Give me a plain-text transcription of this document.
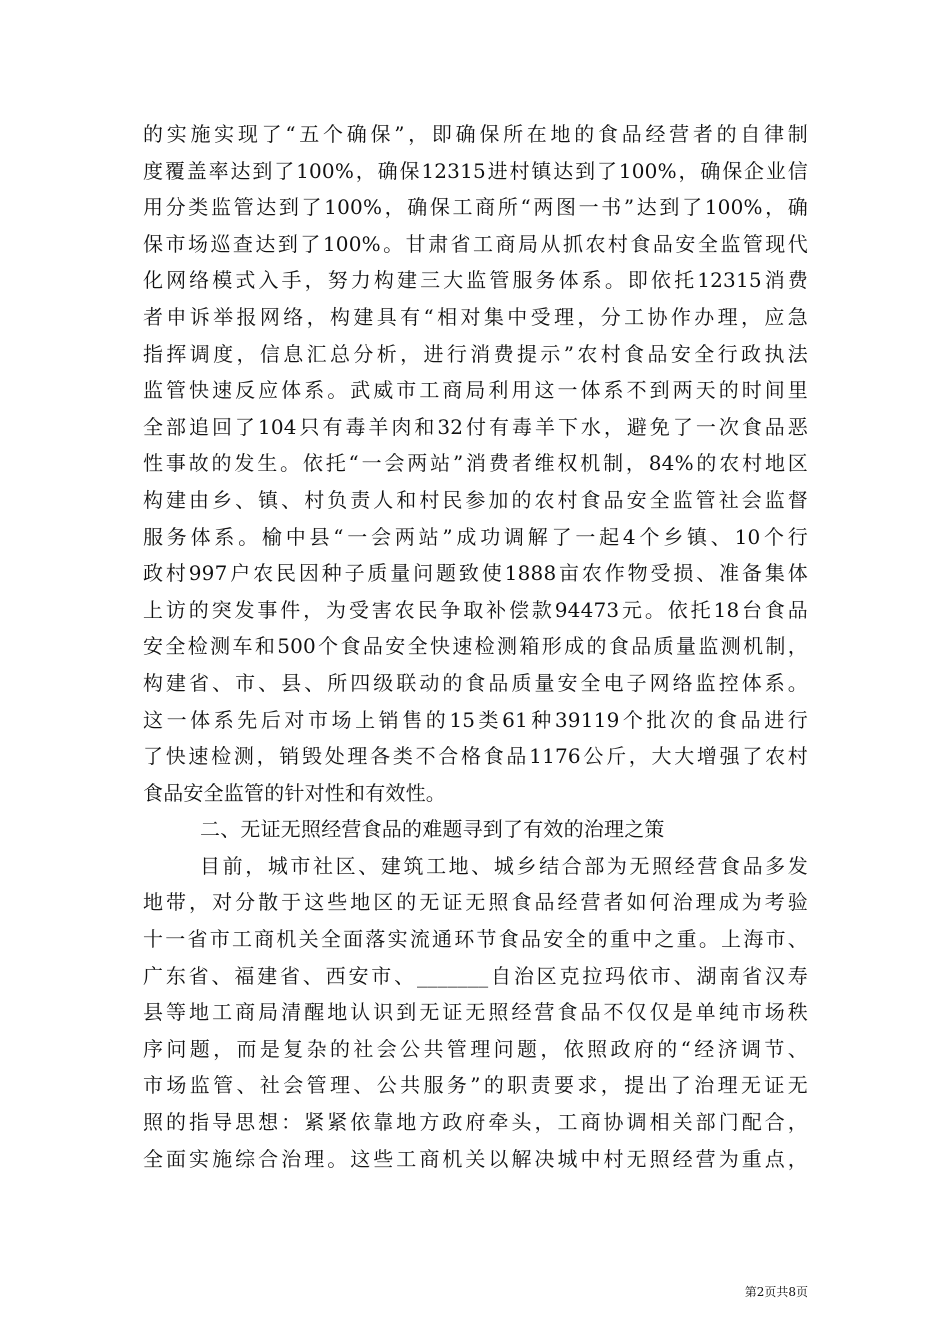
的实施实现了“五个确保”，即确保所在地的食品经营者的自律制
度覆盖率达到了100%，确保12315进村镇达到了100%，确保企业信
用分类监管达到了100%，确保工商所“两图一书”达到了100%，确
保市场巡查达到了100%。甘肃省工商局从抓农村食品安全监管现代
化网络模式入手，努力构建三大监管服务体系。即依托12315消费
者申诉举报网络，构建具有“相对集中受理，分工协作办理，应急
指挥调度，信息汇总分析，进行消费提示”农村食品安全行政执法
监管快速反应体系。武威市工商局利用这一体系不到两天的时间里
全部追回了104只有毒羊肉和32付有毒羊下水，避免了一次食品恶
性事故的发生。依托“一会两站”消费者维权机制，84%的农村地区
构建由乡、镇、村负责人和村民参加的农村食品安全监管社会监督
服务体系。榆中县“一会两站”成功调解了一起4个乡镇、10个行
政村997户农民因种子质量问题致使1888亩农作物受损、准备集体
上访的突发事件，为受害农民争取补偿款94473元。依托18台食品
安全检测车和500个食品安全快速检测箱形成的食品质量监测机制，
构建省、市、县、所四级联动的食品质量安全电子网络监控体系。
这一体系先后对市场上销售的15类61种39119个批次的食品进行
了快速检测，销毁处理各类不合格食品1176公斤，大大增强了农村
食品安全监管的针对性和有效性。
二、无证无照经营食品的难题寻到了有效的治理之策
目前，城市社区、建筑工地、城乡结合部为无照经营食品多发
地带，对分散于这些地区的无证无照食品经营者如何治理成为考验
十一省市工商机关全面落实流通环节食品安全的重中之重。上海市、
广东省、福建省、西安市、_______自治区克拉玛依市、湖南省汉寿
县等地工商局清醒地认识到无证无照经营食品不仅仅是单纯市场秩
序问题，而是复杂的社会公共管理问题，依照政府的“经济调节、
市场监管、社会管理、公共服务”的职责要求，提出了治理无证无
照的指导思想：紧紧依靠地方政府牵头，工商协调相关部门配合，
全面实施综合治理。这些工商机关以解决城中村无照经营为重点，
第2页共8页
